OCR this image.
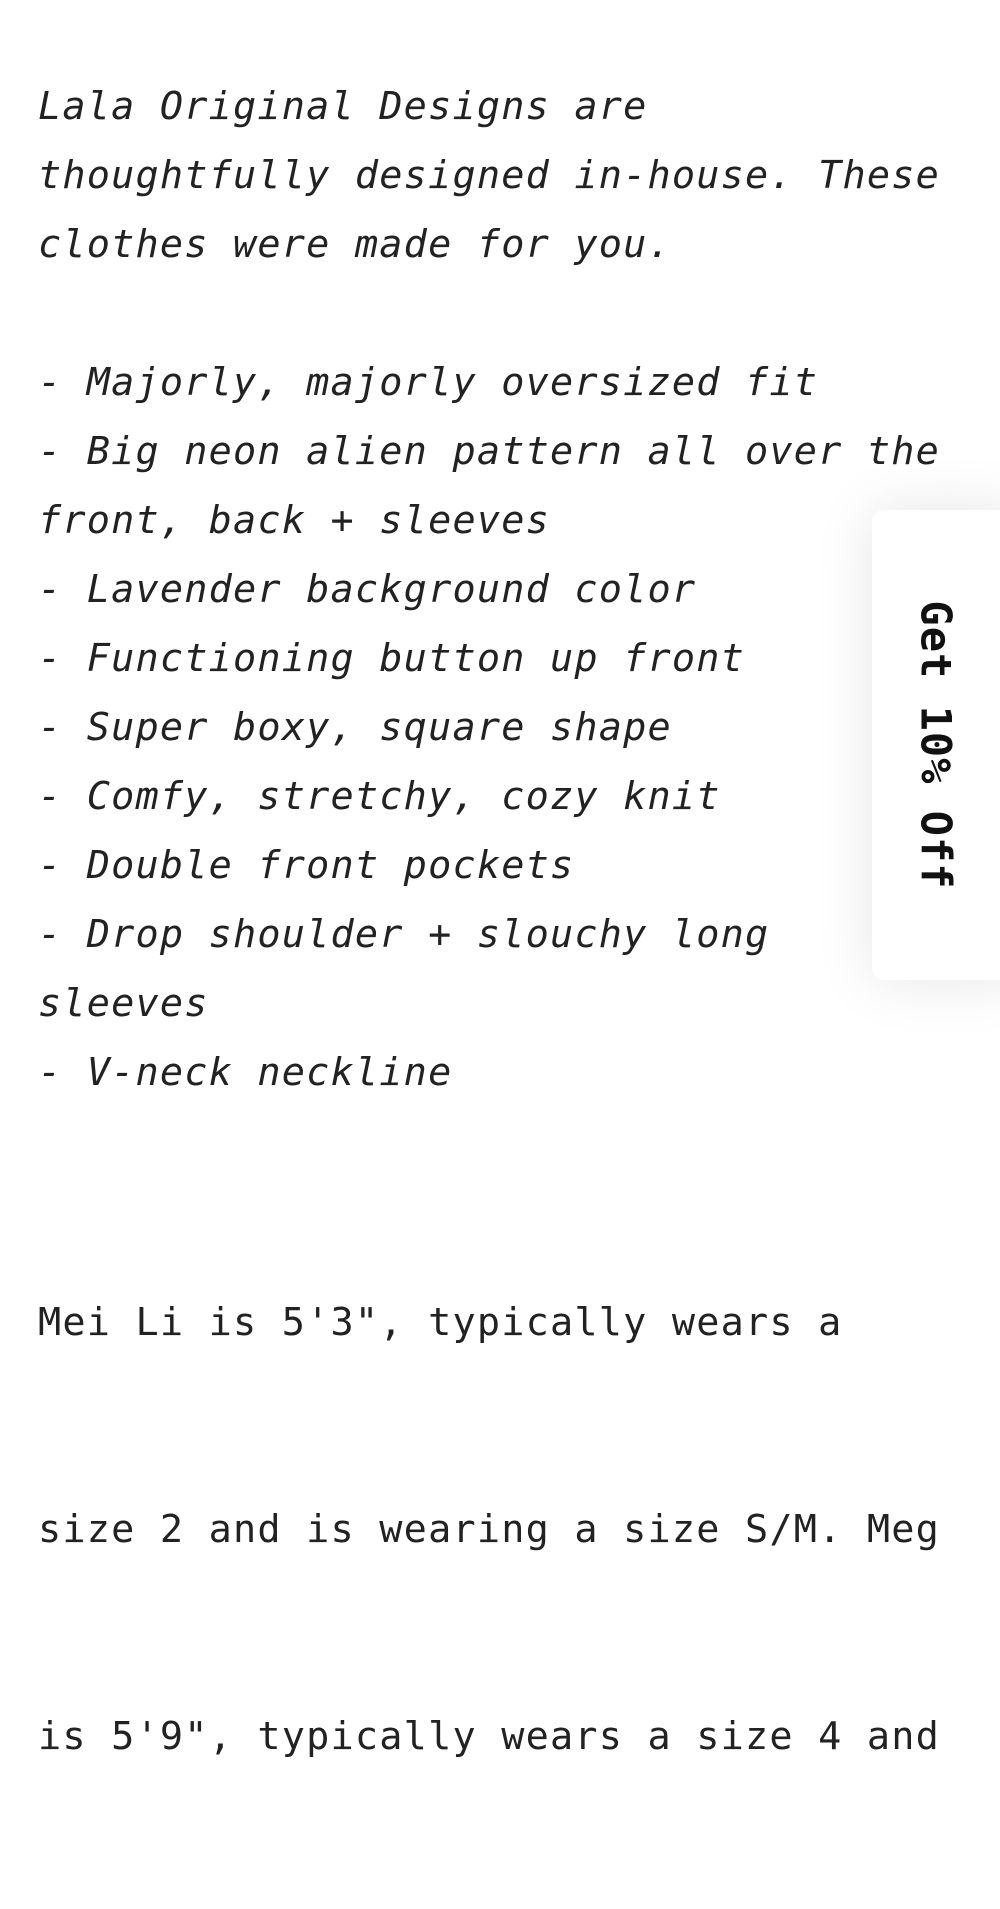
Lala Original Designs are

thoughtfully designed in-house. These

clothes were made for you.

- Majorly, majorly oversized fit
- Big neon alien pattern all over the
front, back + sleeves
- Lavender background color
- Functioning button up front
- Super boxy, square shape
- Comfy, stretchy, cozy knit
- Double front pockets
- Drop shoulder + slouchy long
sleeves
- V-neck neckline

Mei Li is 5'3", typically wears a

size 2 and is wearing a size S/M. Meg

is 5'9", typically wears a size 4 and

Get 10% Off
